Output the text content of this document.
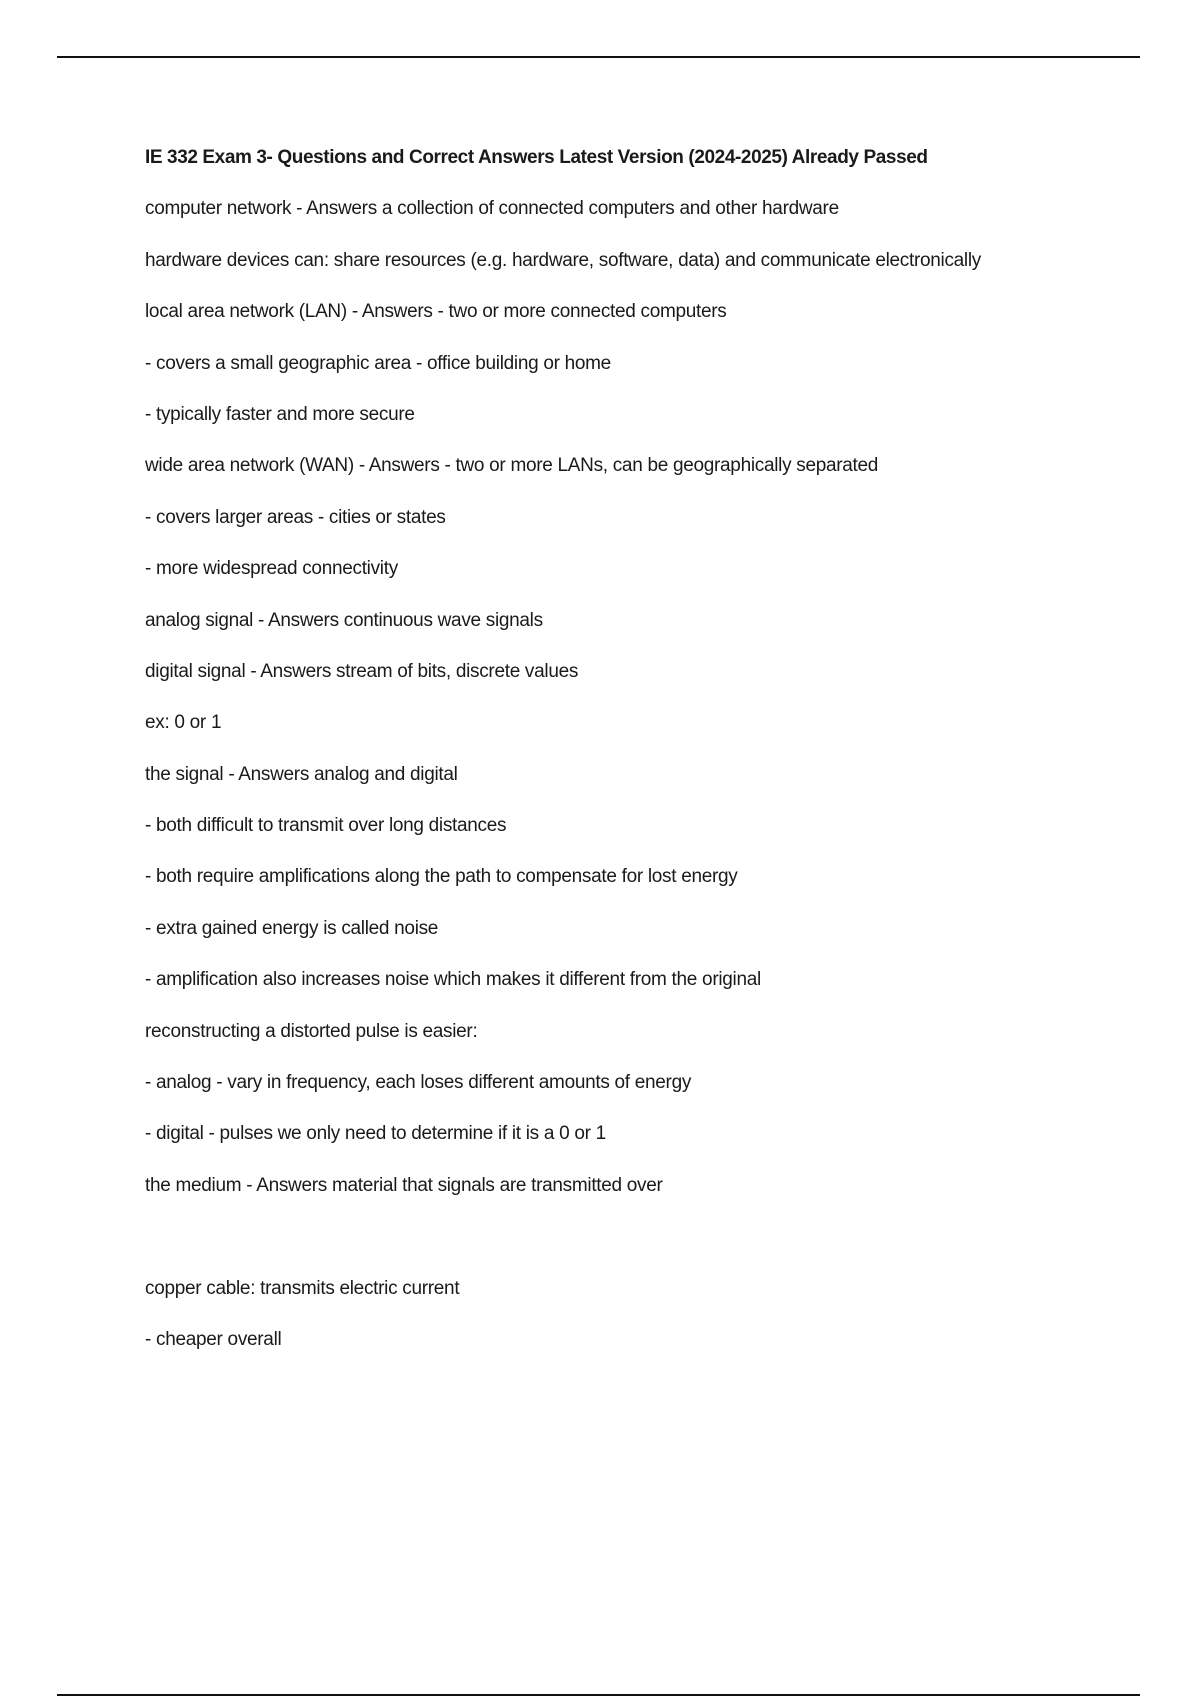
IE 332 Exam 3- Questions and Correct Answers Latest Version (2024-2025) Already Passed
computer network - Answers a collection of connected computers and other hardware
hardware devices can: share resources (e.g. hardware, software, data) and communicate electronically
local area network (LAN) - Answers - two or more connected computers
- covers a small geographic area - office building or home
- typically faster and more secure
wide area network (WAN) - Answers - two or more LANs, can be geographically separated
- covers larger areas - cities or states
- more widespread connectivity
analog signal - Answers continuous wave signals
digital signal - Answers stream of bits, discrete values
ex: 0 or 1
the signal - Answers analog and digital
- both difficult to transmit over long distances
- both require amplifications along the path to compensate for lost energy
- extra gained energy is called noise
- amplification also increases noise which makes it different from the original
reconstructing a distorted pulse is easier:
- analog - vary in frequency, each loses different amounts of energy
- digital - pulses we only need to determine if it is a 0 or 1
the medium - Answers material that signals are transmitted over
copper cable: transmits electric current
- cheaper overall
